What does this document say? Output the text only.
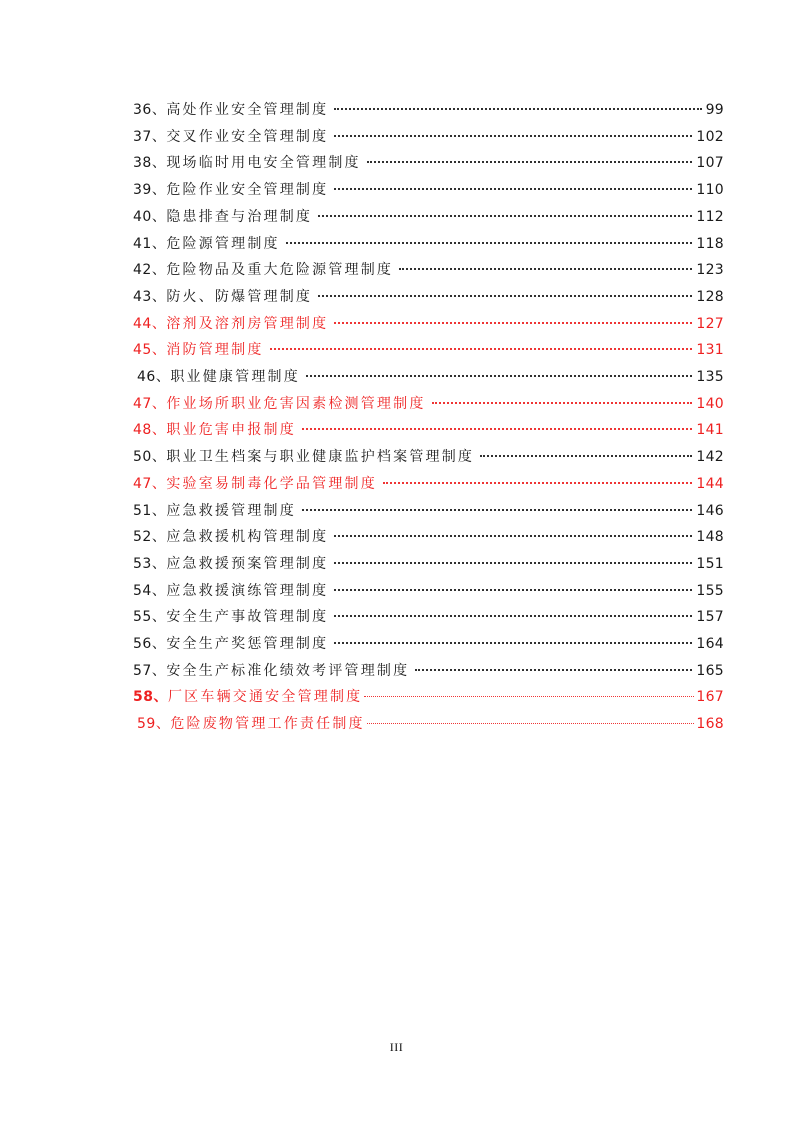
36、 高处作业安全管理制度	99
37、 交叉作业安全管理制度	102
38、 现场临时用电安全管理制度	107
39、 危险作业安全管理制度	110
40、 隐患排查与治理制度	112
41、 危险源管理制度	118
42、 危险物品及重大危险源管理制度	123
43、 防火、防爆管理制度	128
44、 溶剂及溶剂房管理制度	127
45、 消防管理制度	131
46、 职业健康管理制度	135
47、 作业场所职业危害因素检测管理制度	140
48、 职业危害申报制度	141
50、 职业卫生档案与职业健康监护档案管理制度	142
47、 实验室易制毒化学品管理制度	144
51、 应急救援管理制度	146
52、 应急救援机构管理制度	148
53、 应急救援预案管理制度	151
54、 应急救援演练管理制度	155
55、 安全生产事故管理制度	157
56、 安全生产奖惩管理制度	164
57、 安全生产标准化绩效考评管理制度	165
58、 厂区车辆交通安全管理制度	167
59、 危险废物管理工作责任制度	168
III
